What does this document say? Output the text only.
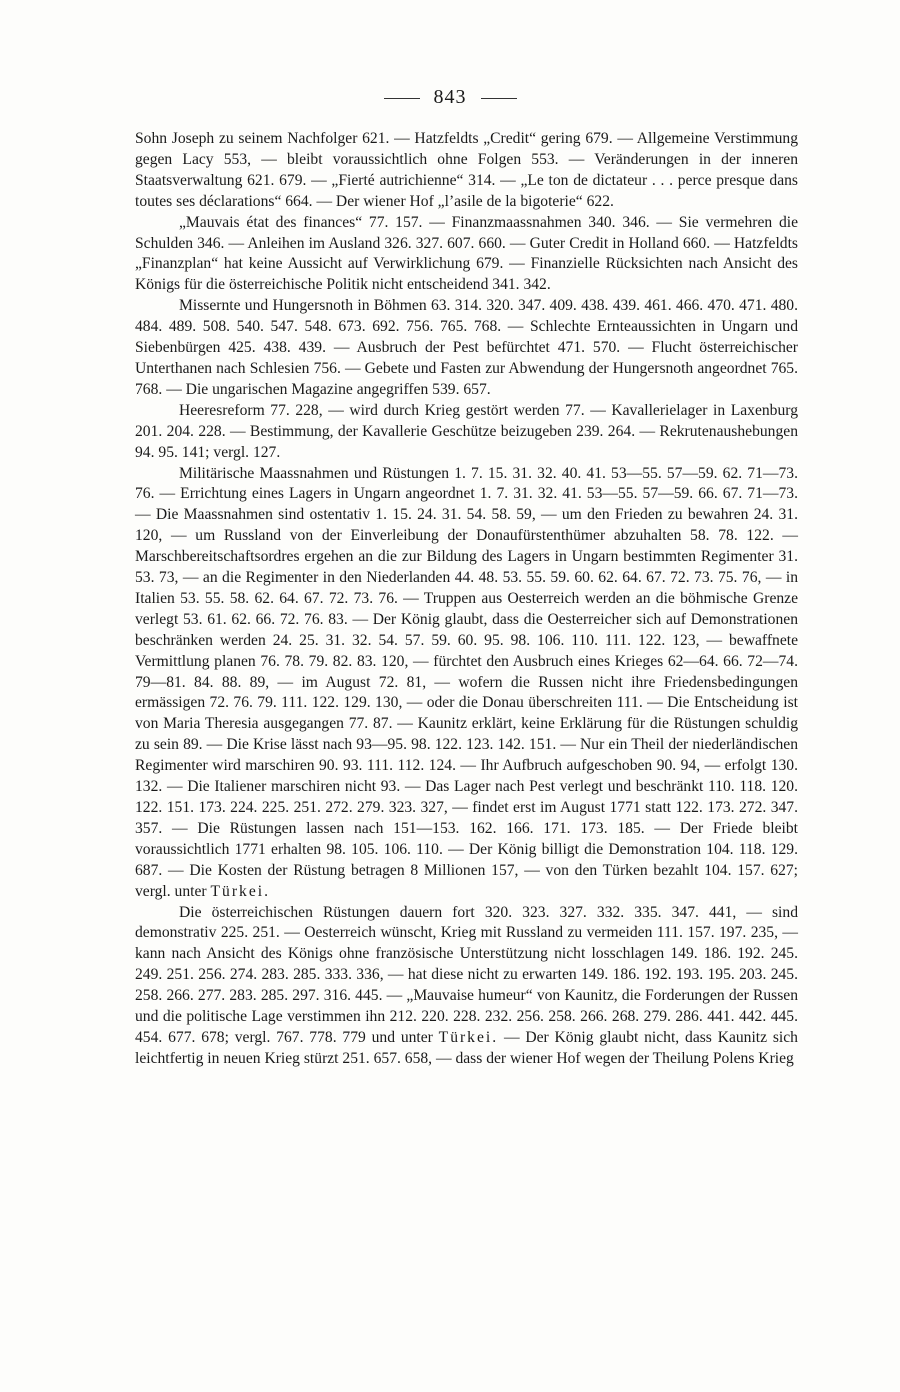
843

Sohn Joseph zu seinem Nachfolger 621. — Hatzfeldts „Credit“ gering 679. — Allgemeine Verstimmung gegen Lacy 553, — bleibt voraussichtlich ohne Folgen 553. — Veränderungen in der inneren Staatsverwaltung 621. 679. — „Fierté autrichienne“ 314. — „Le ton de dictateur . . . perce presque dans toutes ses déclarations“ 664. — Der wiener Hof „l’asile de la bigoterie“ 622.

„Mauvais état des finances“ 77. 157. — Finanzmaassnahmen 340. 346. — Sie vermehren die Schulden 346. — Anleihen im Ausland 326. 327. 607. 660. — Guter Credit in Holland 660. — Hatzfeldts „Finanzplan“ hat keine Aussicht auf Verwirklichung 679. — Finanzielle Rücksichten nach Ansicht des Königs für die österreichische Politik nicht entscheidend 341. 342.

Missernte und Hungersnoth in Böhmen 63. 314. 320. 347. 409. 438. 439. 461. 466. 470. 471. 480. 484. 489. 508. 540. 547. 548. 673. 692. 756. 765. 768. — Schlechte Ernteaussichten in Ungarn und Siebenbürgen 425. 438. 439. — Ausbruch der Pest befürchtet 471. 570. — Flucht österreichischer Unterthanen nach Schlesien 756. — Gebete und Fasten zur Abwendung der Hungersnoth angeordnet 765. 768. — Die ungarischen Magazine angegriffen 539. 657.

Heeresreform 77. 228, — wird durch Krieg gestört werden 77. — Kavallerielager in Laxenburg 201. 204. 228. — Bestimmung, der Kavallerie Geschütze beizugeben 239. 264. — Rekrutenaushebungen 94. 95. 141; vergl. 127.

Militärische Maassnahmen und Rüstungen 1. 7. 15. 31. 32. 40. 41. 53—55. 57—59. 62. 71—73. 76. — Errichtung eines Lagers in Ungarn angeordnet 1. 7. 31. 32. 41. 53—55. 57—59. 66. 67. 71—73. — Die Maassnahmen sind ostentativ 1. 15. 24. 31. 54. 58. 59, — um den Frieden zu bewahren 24. 31. 120, — um Russland von der Einverleibung der Donaufürstenthümer abzuhalten 58. 78. 122. — Marschbereitschaftsordres ergehen an die zur Bildung des Lagers in Ungarn bestimmten Regimenter 31. 53. 73, — an die Regimenter in den Niederlanden 44. 48. 53. 55. 59. 60. 62. 64. 67. 72. 73. 75. 76, — in Italien 53. 55. 58. 62. 64. 67. 72. 73. 76. — Truppen aus Oesterreich werden an die böhmische Grenze verlegt 53. 61. 62. 66. 72. 76. 83. — Der König glaubt, dass die Oesterreicher sich auf Demonstrationen beschränken werden 24. 25. 31. 32. 54. 57. 59. 60. 95. 98. 106. 110. 111. 122. 123, — bewaffnete Vermittlung planen 76. 78. 79. 82. 83. 120, — fürchtet den Ausbruch eines Krieges 62—64. 66. 72—74. 79—81. 84. 88. 89, — im August 72. 81, — wofern die Russen nicht ihre Friedensbedingungen ermässigen 72. 76. 79. 111. 122. 129. 130, — oder die Donau überschreiten 111. — Die Entscheidung ist von Maria Theresia ausgegangen 77. 87. — Kaunitz erklärt, keine Erklärung für die Rüstungen schuldig zu sein 89. — Die Krise lässt nach 93—95. 98. 122. 123. 142. 151. — Nur ein Theil der niederländischen Regimenter wird marschiren 90. 93. 111. 112. 124. — Ihr Aufbruch aufgeschoben 90. 94, — erfolgt 130. 132. — Die Italiener marschiren nicht 93. — Das Lager nach Pest verlegt und beschränkt 110. 118. 120. 122. 151. 173. 224. 225. 251. 272. 279. 323. 327, — findet erst im August 1771 statt 122. 173. 272. 347. 357. — Die Rüstungen lassen nach 151—153. 162. 166. 171. 173. 185. — Der Friede bleibt voraussichtlich 1771 erhalten 98. 105. 106. 110. — Der König billigt die Demonstration 104. 118. 129. 687. — Die Kosten der Rüstung betragen 8 Millionen 157, — von den Türken bezahlt 104. 157. 627; vergl. unter Türkei.

Die österreichischen Rüstungen dauern fort 320. 323. 327. 332. 335. 347. 441, — sind demonstrativ 225. 251. — Oesterreich wünscht, Krieg mit Russland zu vermeiden 111. 157. 197. 235, — kann nach Ansicht des Königs ohne französische Unterstützung nicht losschlagen 149. 186. 192. 245. 249. 251. 256. 274. 283. 285. 333. 336, — hat diese nicht zu erwarten 149. 186. 192. 193. 195. 203. 245. 258. 266. 277. 283. 285. 297. 316. 445. — „Mauvaise humeur“ von Kaunitz, die Forderungen der Russen und die politische Lage verstimmen ihn 212. 220. 228. 232. 256. 258. 266. 268. 279. 286. 441. 442. 445. 454. 677. 678; vergl. 767. 778. 779 und unter Türkei. — Der König glaubt nicht, dass Kaunitz sich leichtfertig in neuen Krieg stürzt 251. 657. 658, — dass der wiener Hof wegen der Theilung Polens Krieg
